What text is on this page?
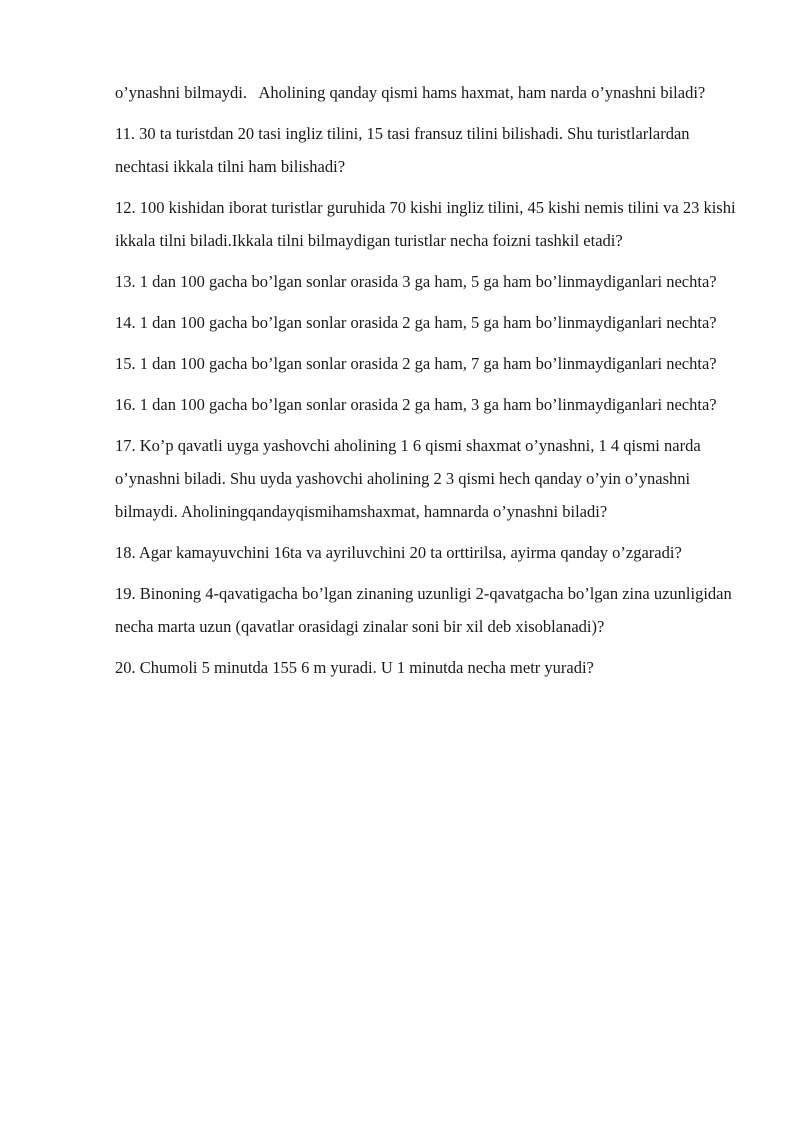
o’ynashni bilmaydi.   Aholining qanday qismi hams haxmat, ham narda o’ynashni biladi?

11. 30 ta turistdan 20 tasi ingliz tilini, 15 tasi fransuz tilini bilishadi. Shu turistlarlardan nechtasi ikkala tilni ham bilishadi?

12. 100 kishidan iborat turistlar guruhida 70 kishi ingliz tilini, 45 kishi nemis tilini va 23 kishi ikkala tilni biladi.Ikkala tilni bilmaydigan turistlar necha foizni tashkil etadi?

13. 1 dan 100 gacha bo’lgan sonlar orasida 3 ga ham, 5 ga ham bo’linmaydiganlari nechta?

14. 1 dan 100 gacha bo’lgan sonlar orasida 2 ga ham, 5 ga ham bo’linmaydiganlari nechta?

15. 1 dan 100 gacha bo’lgan sonlar orasida 2 ga ham, 7 ga ham bo’linmaydiganlari nechta?

16. 1 dan 100 gacha bo’lgan sonlar orasida 2 ga ham, 3 ga ham bo’linmaydiganlari nechta?

17. Ko’p qavatli uyga yashovchi aholining 1 6 qismi shaxmat o’ynashni, 1 4 qismi narda o’ynashni biladi. Shu uyda yashovchi aholining 2 3 qismi hech qanday o’yin o’ynashni bilmaydi. Aholiningqandayqismihamshaxmat, hamnarda o’ynashni biladi?

18. Agar kamayuvchini 16ta va ayriluvchini 20 ta orttirilsa, ayirma qanday o’zgaradi?

19. Binoning 4-qavatigacha bo’lgan zinaning uzunligi 2-qavatgacha bo’lgan zina uzunligidan necha marta uzun (qavatlar orasidagi zinalar soni bir xil deb xisoblanadi)?

20. Chumoli 5 minutda 155 6 m yuradi. U 1 minutda necha metr yuradi?
